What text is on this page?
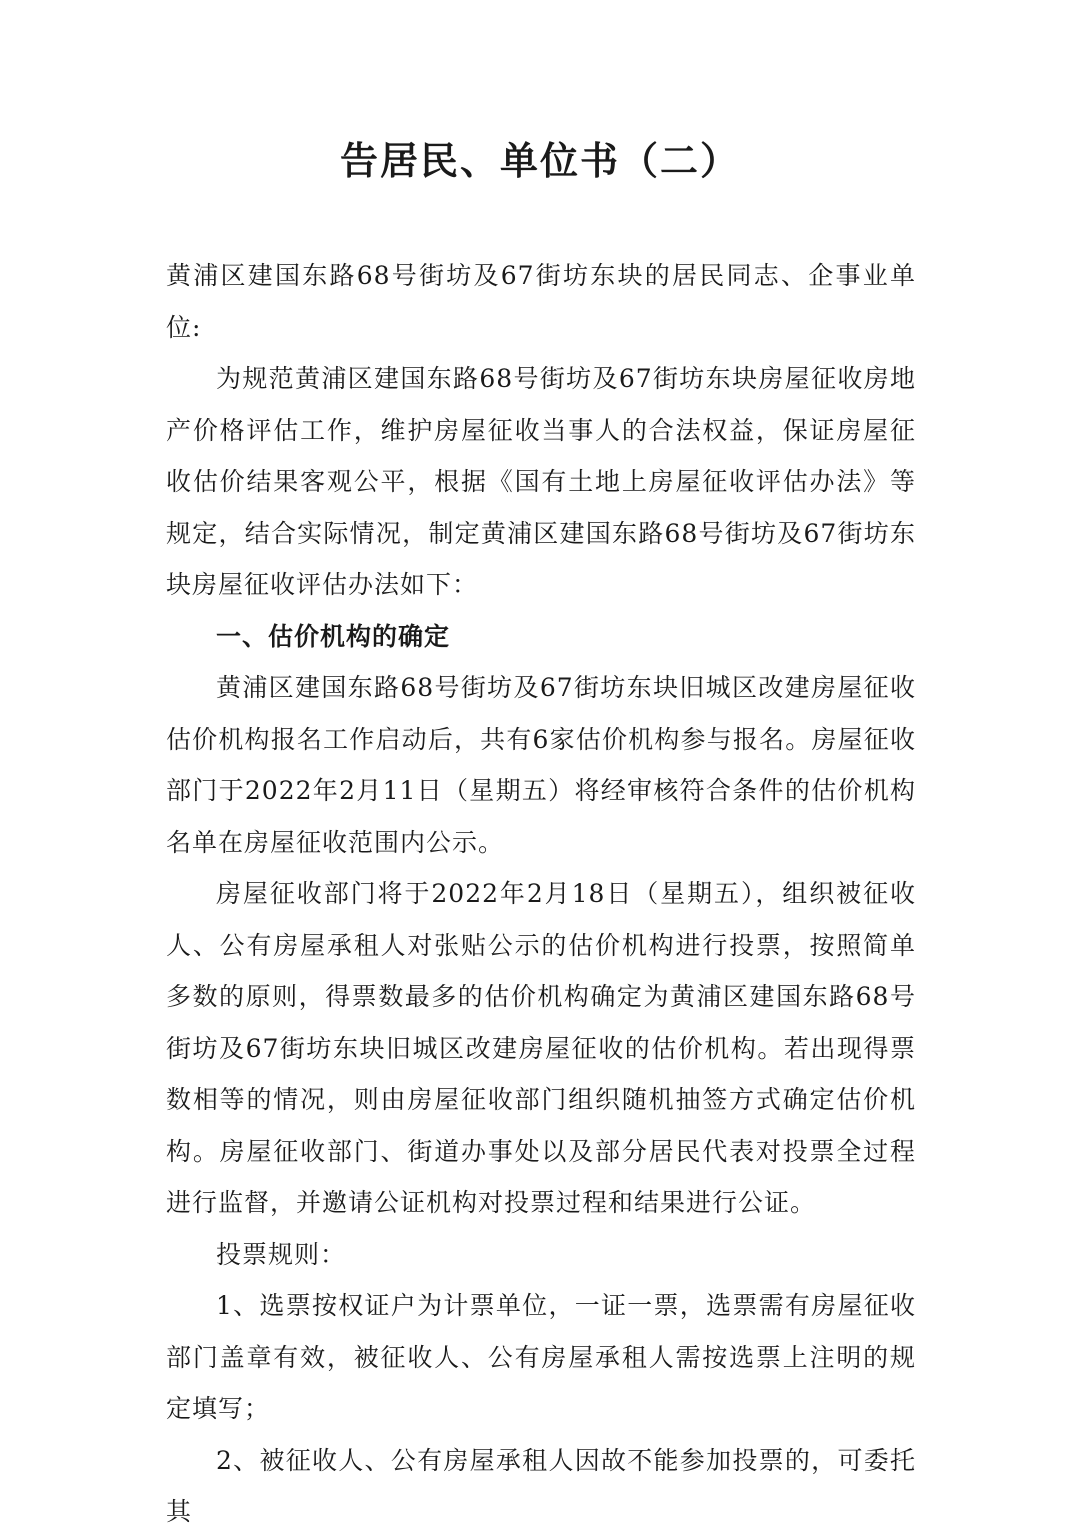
告居民、单位书（二）

黄浦区建国东路68号街坊及67街坊东块的居民同志、企事业单位:

为规范黄浦区建国东路68号街坊及67街坊东块房屋征收房地产价格评估工作，维护房屋征收当事人的合法权益，保证房屋征收估价结果客观公平，根据《国有土地上房屋征收评估办法》等规定，结合实际情况，制定黄浦区建国东路68号街坊及67街坊东块房屋征收评估办法如下：

一、估价机构的确定

黄浦区建国东路68号街坊及67街坊东块旧城区改建房屋征收估价机构报名工作启动后，共有6家估价机构参与报名。房屋征收部门于2022年2月11日（星期五）将经审核符合条件的估价机构名单在房屋征收范围内公示。

房屋征收部门将于2022年2月18日（星期五），组织被征收人、公有房屋承租人对张贴公示的估价机构进行投票，按照简单多数的原则，得票数最多的估价机构确定为黄浦区建国东路68号街坊及67街坊东块旧城区改建房屋征收的估价机构。若出现得票数相等的情况，则由房屋征收部门组织随机抽签方式确定估价机构。房屋征收部门、街道办事处以及部分居民代表对投票全过程进行监督，并邀请公证机构对投票过程和结果进行公证。

投票规则：

1、选票按权证户为计票单位，一证一票，选票需有房屋征收部门盖章有效，被征收人、公有房屋承租人需按选票上注明的规定填写；

2、被征收人、公有房屋承租人因故不能参加投票的，可委托其
